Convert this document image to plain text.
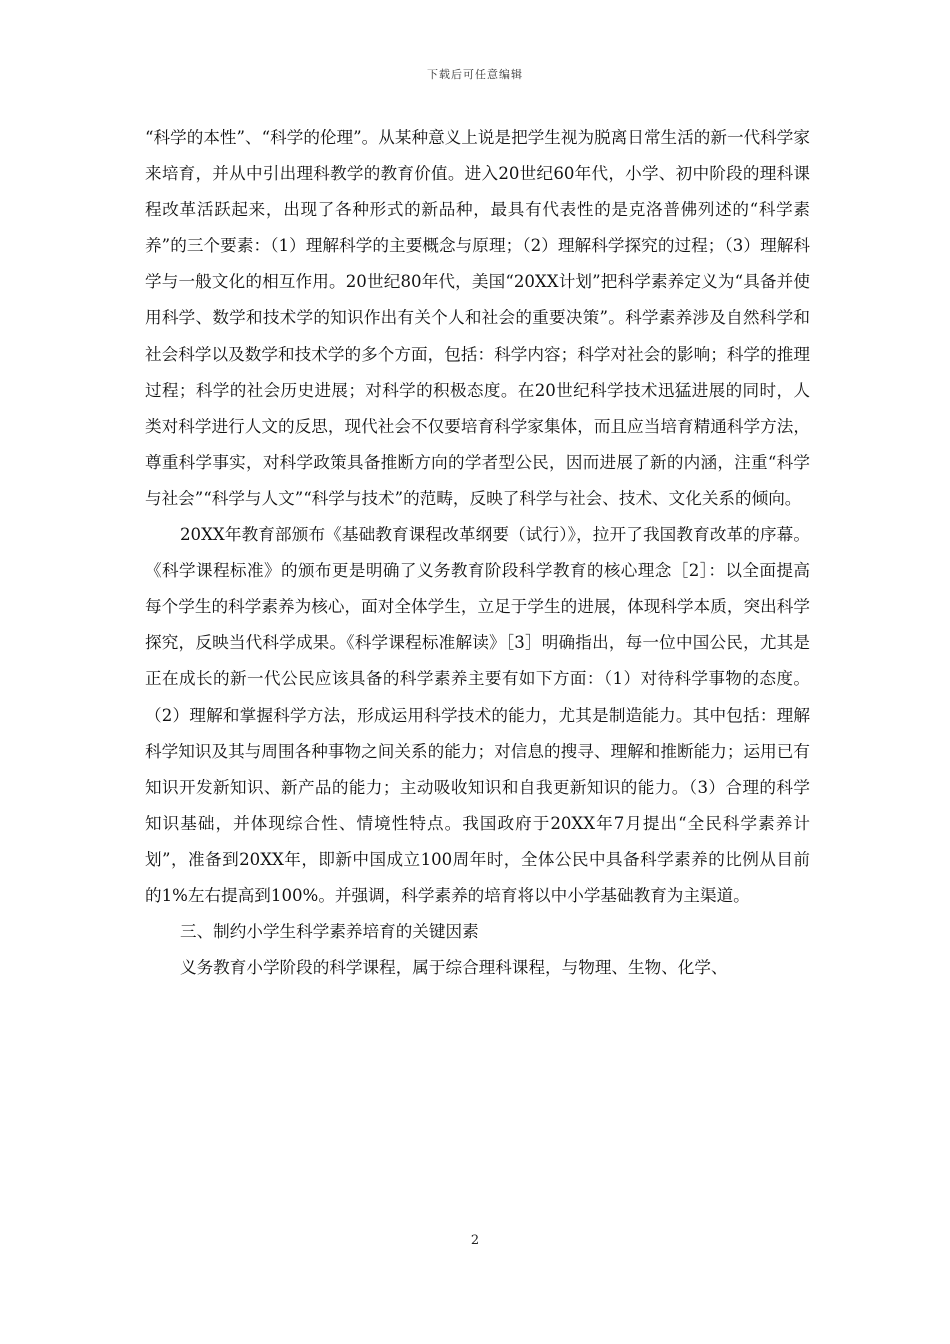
下载后可任意编辑

“科学的本性”、“科学的伦理”。从某种意义上说是把学生视为脱离日常生活的新一代科学家来培育，并从中引出理科教学的教育价值。进入20世纪60年代，小学、初中阶段的理科课程改革活跃起来，出现了各种形式的新品种，最具有代表性的是克洛普佛列述的“科学素养”的三个要素：（1）理解科学的主要概念与原理；（2）理解科学探究的过程；（3）理解科学与一般文化的相互作用。20世纪80年代，美国“20XX计划”把科学素养定义为“具备并使用科学、数学和技术学的知识作出有关个人和社会的重要决策”。科学素养涉及自然科学和社会科学以及数学和技术学的多个方面，包括：科学内容；科学对社会的影响；科学的推理过程；科学的社会历史进展；对科学的积极态度。在20世纪科学技术迅猛进展的同时，人类对科学进行人文的反思，现代社会不仅要培育科学家集体，而且应当培育精通科学方法，尊重科学事实，对科学政策具备推断方向的学者型公民，因而进展了新的内涵，注重“科学与社会”“科学与人文”“科学与技术”的范畴，反映了科学与社会、技术、文化关系的倾向。

20XX年教育部颁布《基础教育课程改革纲要（试行）》，拉开了我国教育改革的序幕。《科学课程标准》的颁布更是明确了义务教育阶段科学教育的核心理念［2］：以全面提高每个学生的科学素养为核心，面对全体学生，立足于学生的进展，体现科学本质，突出科学探究，反映当代科学成果。《科学课程标准解读》［3］明确指出，每一位中国公民，尤其是正在成长的新一代公民应该具备的科学素养主要有如下方面：（1）对待科学事物的态度。（2）理解和掌握科学方法，形成运用科学技术的能力，尤其是制造能力。其中包括：理解科学知识及其与周围各种事物之间关系的能力；对信息的搜寻、理解和推断能力；运用已有知识开发新知识、新产品的能力；主动吸收知识和自我更新知识的能力。（3）合理的科学知识基础，并体现综合性、情境性特点。我国政府于20XX年7月提出“全民科学素养计划”，准备到20XX年，即新中国成立100周年时，全体公民中具备科学素养的比例从目前的1%左右提高到100%。并强调，科学素养的培育将以中小学基础教育为主渠道。

三、制约小学生科学素养培育的关键因素

义务教育小学阶段的科学课程，属于综合理科课程，与物理、生物、化学、

2
